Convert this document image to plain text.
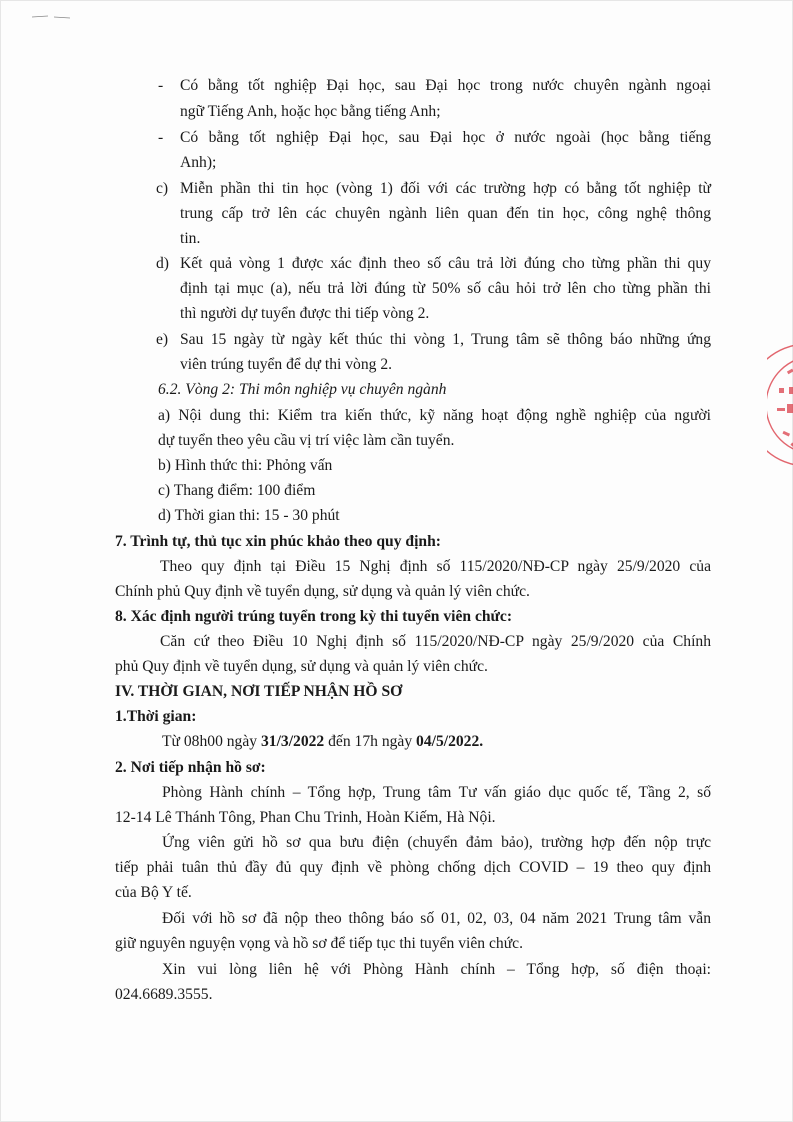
- Có bằng tốt nghiệp Đại học, sau Đại học trong nước chuyên ngành ngoại
ngữ Tiếng Anh, hoặc học bằng tiếng Anh;
- Có bằng tốt nghiệp Đại học, sau Đại học ở nước ngoài (học bằng tiếng
Anh);
c) Miễn phần thi tin học (vòng 1) đối với các trường hợp có bằng tốt nghiệp từ
trung cấp trở lên các chuyên ngành liên quan đến tin học, công nghệ thông
tin.
d) Kết quả vòng 1 được xác định theo số câu trả lời đúng cho từng phần thi quy
định tại mục (a), nếu trả lời đúng từ 50% số câu hỏi trở lên cho từng phần thi
thì người dự tuyển được thi tiếp vòng 2.
e) Sau 15 ngày từ ngày kết thúc thi vòng 1, Trung tâm sẽ thông báo những ứng
viên trúng tuyển để dự thi vòng 2.
6.2. Vòng 2: Thi môn nghiệp vụ chuyên ngành
a) Nội dung thi: Kiểm tra kiến thức, kỹ năng hoạt động nghề nghiệp của người
dự tuyển theo yêu cầu vị trí việc làm cần tuyển.
b) Hình thức thi: Phỏng vấn
c) Thang điểm: 100 điểm
d) Thời gian thi: 15 - 30 phút
7. Trình tự, thủ tục xin phúc khảo theo quy định:
Theo quy định tại Điều 15 Nghị định số 115/2020/NĐ-CP ngày 25/9/2020 của
Chính phủ Quy định về tuyển dụng, sử dụng và quản lý viên chức.
8. Xác định người trúng tuyển trong kỳ thi tuyển viên chức:
Căn cứ theo Điều 10 Nghị định số 115/2020/NĐ-CP ngày 25/9/2020 của Chính
phủ Quy định về tuyển dụng, sử dụng và quản lý viên chức.
IV. THỜI GIAN, NƠI TIẾP NHẬN HỒ SƠ
1.Thời gian:
Từ 08h00 ngày 31/3/2022 đến 17h ngày 04/5/2022.
2. Nơi tiếp nhận hồ sơ:
Phòng Hành chính – Tổng hợp, Trung tâm Tư vấn giáo dục quốc tế, Tầng 2, số
12-14 Lê Thánh Tông, Phan Chu Trinh, Hoàn Kiếm, Hà Nội.
Ứng viên gửi hồ sơ qua bưu điện (chuyển đảm bảo), trường hợp đến nộp trực
tiếp phải tuân thủ đầy đủ quy định về phòng chống dịch COVID – 19 theo quy định
của Bộ Y tế.
Đối với hồ sơ đã nộp theo thông báo số 01, 02, 03, 04 năm 2021 Trung tâm vẫn
giữ nguyên nguyện vọng và hồ sơ để tiếp tục thi tuyển viên chức.
Xin vui lòng liên hệ với Phòng Hành chính – Tổng hợp, số điện thoại:
024.6689.3555.
